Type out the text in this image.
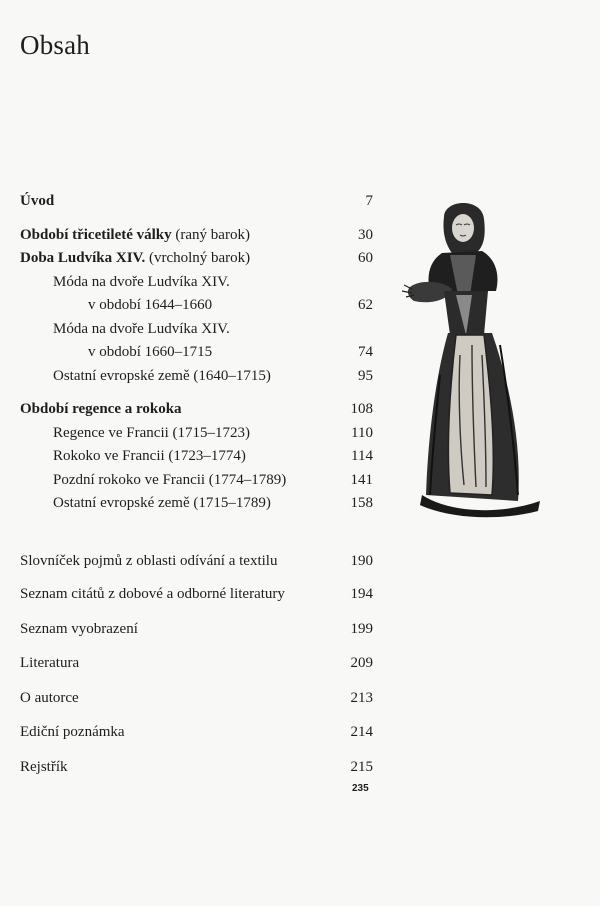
Obsah
Úvod	7
Období třicetileté války (raný barok)	30
Doba Ludvíka XIV. (vrcholný barok)	60
Móda na dvoře Ludvíka XIV.
v období 1644–1660	62
Móda na dvoře Ludvíka XIV.
v období 1660–1715	74
Ostatní evropské země (1640–1715)	95
Období regence a rokoka	108
Regence ve Francii (1715–1723)	110
Rokoko ve Francii (1723–1774)	114
Pozdní rokoko ve Francii (1774–1789)	141
Ostatní evropské země (1715–1789)	158
Slovníček pojmů z oblasti odívání a textilu	190
Seznam citátů z dobové a odborné literatury	194
Seznam vyobrazení	199
Literatura	209
O autorce	213
Ediční poznámka	214
Rejstřík	215
235
